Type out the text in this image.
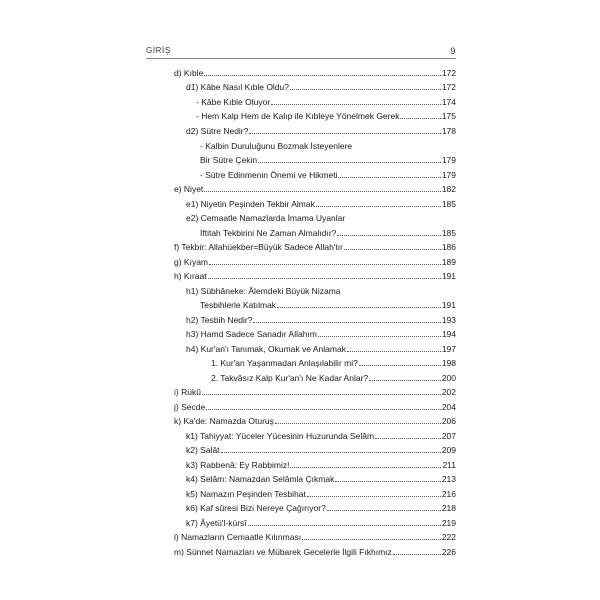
GİRİŞ	9
d) Kıble	172
d1) Kâbe Nasıl Kıble Oldu?	172
- Kâbe Kıble Oluyor	174
- Hem Kalp Hem de Kalıp ile Kıbleye Yönelmek Gerek	175
d2) Sütre Nedir?	178
- Kalbin Duruluğunu Bozmak İsteyenlere
Bir Sütre Çekin	179
- Sütre Edinmenin Önemi ve Hikmeti	179
e) Niyet	182
e1) Niyetin Peşinden Tekbir Almak	185
e2) Cemaatle Namazlarda İmama Uyanlar
İftitah Tekbirini Ne Zaman Almalıdır?	185
f) Tekbir: Allahüekber=Büyük Sadece Allah'tır	186
g) Kıyam	189
h) Kıraat	191
h1) Sübhâneke: Âlemdeki Büyük Nizama
Tesbihlerle Katılmak	191
h2) Tesbih Nedir?	193
h3) Hamd Sadece Sanadır Allahım	194
h4) Kur'an'ı Tanımak, Okumak ve Anlamak	197
1. Kur'an Yaşanmadan Anlaşılabilir mi?	198
2. Takvâsız Kalp Kur'an'ı Ne Kadar Anlar?	200
i) Rükû	202
j) Secde	204
k) Ka'de: Namazda Oturuş	206
k1) Tahiyyat: Yüceler Yücesinin Huzurunda Selâm	207
k2) Salât	209
k3) Rabbenâ: Ey Rabbimiz!	211
k4) Selâm: Namazdan Selâmla Çıkmak	213
k5) Namazın Peşinden Tesbihat	216
k6) Kaf sûresi Bizi Nereye Çağırıyor?	218
k7) Âyetü'l-kürsî	219
l) Namazların Cemaatle Kılınması	222
m) Sünnet Namazları ve Mübarek Gecelerle İlgili Fıkhımız	226
